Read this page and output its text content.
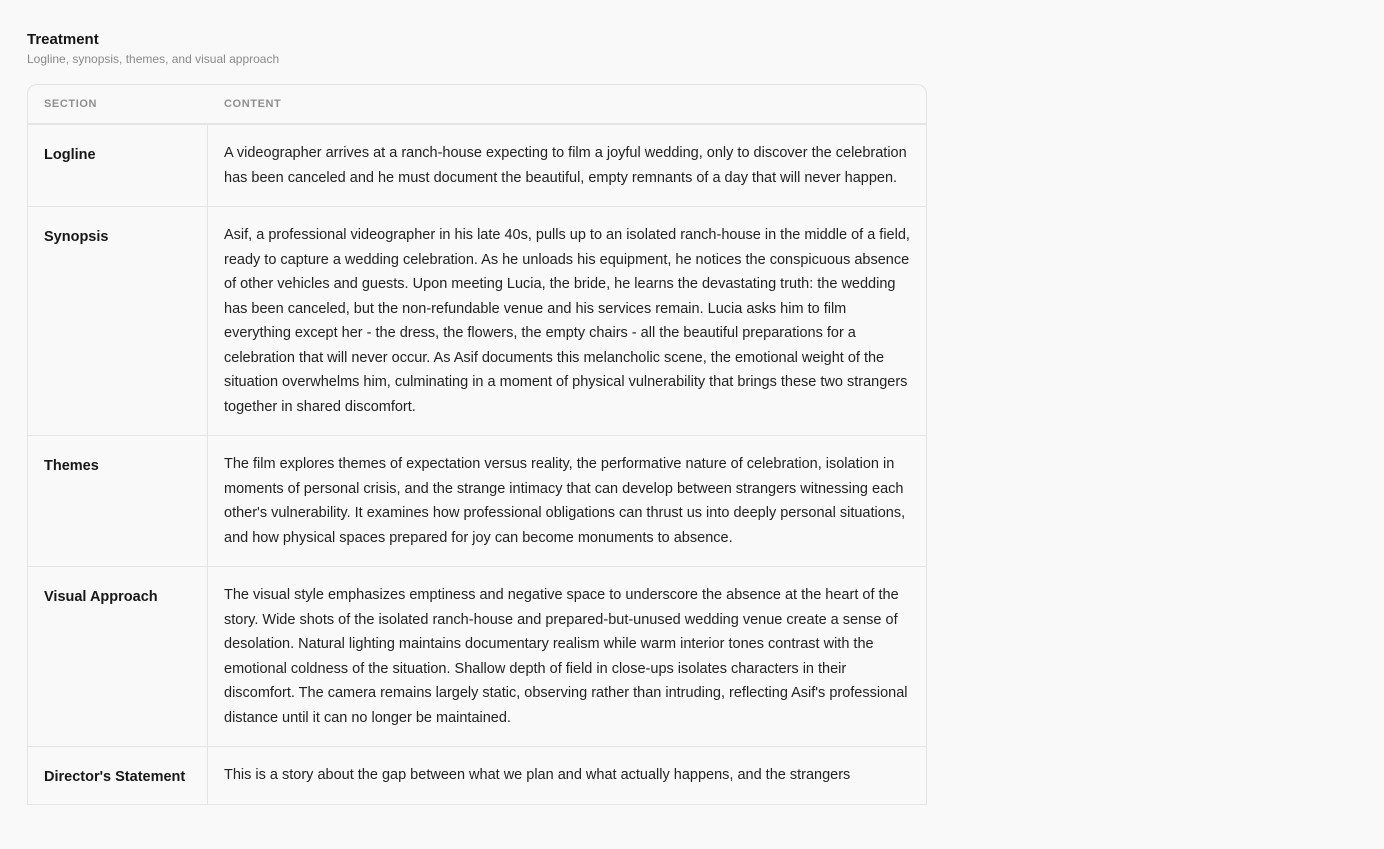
Treatment
Logline, synopsis, themes, and visual approach
SECTION	CONTENT
Logline	A videographer arrives at a ranch-house expecting to film a joyful wedding, only to discover the celebration has been canceled and he must document the beautiful, empty remnants of a day that will never happen.
Synopsis	Asif, a professional videographer in his late 40s, pulls up to an isolated ranch-house in the middle of a field, ready to capture a wedding celebration. As he unloads his equipment, he notices the conspicuous absence of other vehicles and guests. Upon meeting Lucia, the bride, he learns the devastating truth: the wedding has been canceled, but the non-refundable venue and his services remain. Lucia asks him to film everything except her - the dress, the flowers, the empty chairs - all the beautiful preparations for a celebration that will never occur. As Asif documents this melancholic scene, the emotional weight of the situation overwhelms him, culminating in a moment of physical vulnerability that brings these two strangers together in shared discomfort.
Themes	The film explores themes of expectation versus reality, the performative nature of celebration, isolation in moments of personal crisis, and the strange intimacy that can develop between strangers witnessing each other's vulnerability. It examines how professional obligations can thrust us into deeply personal situations, and how physical spaces prepared for joy can become monuments to absence.
Visual Approach	The visual style emphasizes emptiness and negative space to underscore the absence at the heart of the story. Wide shots of the isolated ranch-house and prepared-but-unused wedding venue create a sense of desolation. Natural lighting maintains documentary realism while warm interior tones contrast with the emotional coldness of the situation. Shallow depth of field in close-ups isolates characters in their discomfort. The camera remains largely static, observing rather than intruding, reflecting Asif's professional distance until it can no longer be maintained.
Director's Statement	This is a story about the gap between what we plan and what actually happens, and the strangers
